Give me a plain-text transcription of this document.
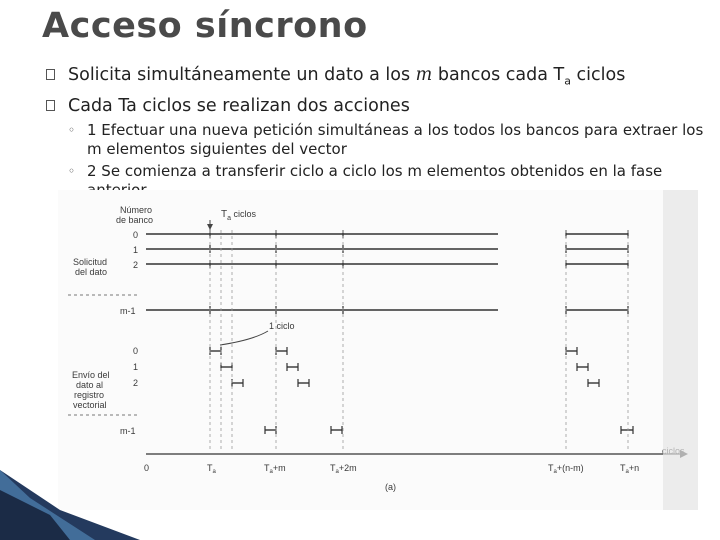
Acceso síncrono
Solicita simultáneamente un dato a los m bancos cada $T_a$ ciclos
Cada Ta ciclos se realizan dos acciones
◦ 1 Efectuar una nueva petición simultáneas a los todos los bancos para extraer los m elementos siguientes del vector
◦ 2 Se comienza a transferir ciclo a ciclo los m elementos obtenidos en la fase
Número
de banco	$T_a$ ciclos
Solicitud
del dato
Envío del
dato al
registro
vectorial
0
1
2
m-1
0
1
2
m-1
1 ciclo
0	$T_a$	$T_a+m$	$T_a+2m$	$T_a+(n-m)$	$T_a+n$
(a)
